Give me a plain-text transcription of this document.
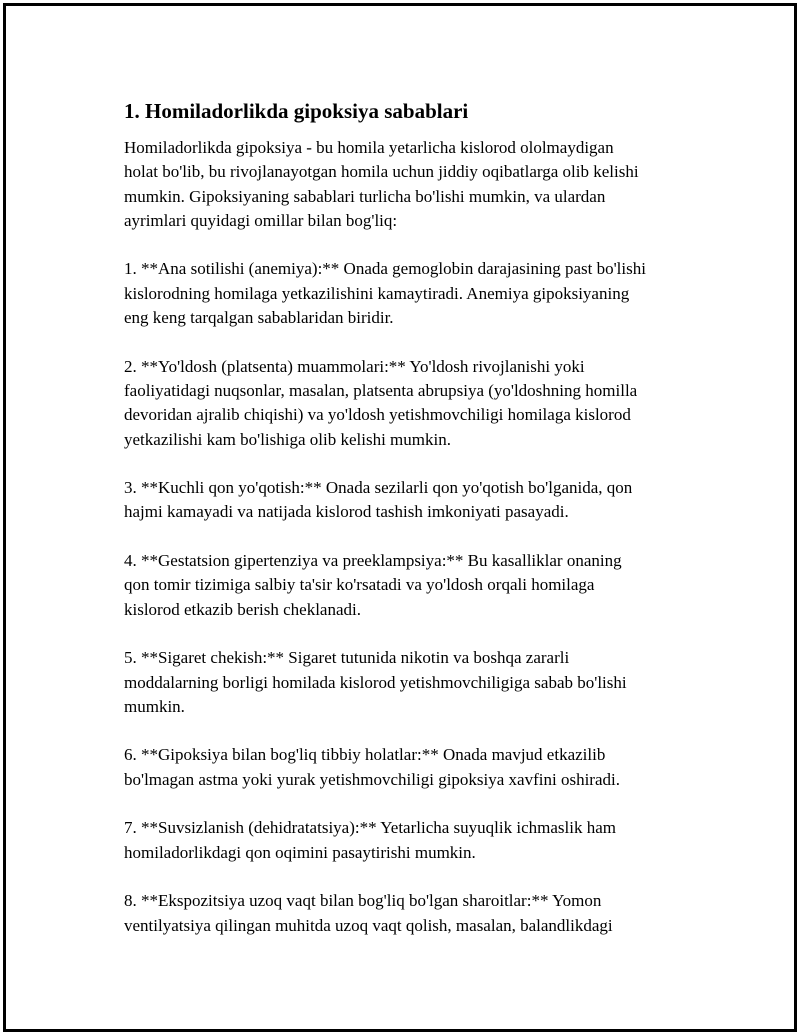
1. Homiladorlikda gipoksiya sabablari

Homiladorlikda gipoksiya - bu homila yetarlicha kislorod ololmaydigan
holat bo'lib, bu rivojlanayotgan homila uchun jiddiy oqibatlarga olib kelishi
mumkin. Gipoksiyaning sabablari turlicha bo'lishi mumkin, va ulardan
ayrimlari quyidagi omillar bilan bog'liq:

1. **Ana sotilishi (anemiya):** Onada gemoglobin darajasining past bo'lishi
kislorodning homilaga yetkazilishini kamaytiradi. Anemiya gipoksiyaning
eng keng tarqalgan sabablaridan biridir.

2. **Yo'ldosh (platsenta) muammolari:** Yo'ldosh rivojlanishi yoki
faoliyatidagi nuqsonlar, masalan, platsenta abrupsiya (yo'ldoshning homilla
devoridan ajralib chiqishi) va yo'ldosh yetishmovchiligi homilaga kislorod
yetkazilishi kam bo'lishiga olib kelishi mumkin.

3. **Kuchli qon yo'qotish:** Onada sezilarli qon yo'qotish bo'lganida, qon
hajmi kamayadi va natijada kislorod tashish imkoniyati pasayadi.

4. **Gestatsion gipertenziya va preeklampsiya:** Bu kasalliklar onaning
qon tomir tizimiga salbiy ta'sir ko'rsatadi va yo'ldosh orqali homilaga
kislorod etkazib berish cheklanadi.

5. **Sigaret chekish:** Sigaret tutunida nikotin va boshqa zararli
moddalarning borligi homilada kislorod yetishmovchiligiga sabab bo'lishi
mumkin.

6. **Gipoksiya bilan bog'liq tibbiy holatlar:** Onada mavjud etkazilib
bo'lmagan astma yoki yurak yetishmovchiligi gipoksiya xavfini oshiradi.

7. **Suvsizlanish (dehidratatsiya):** Yetarlicha suyuqlik ichmaslik ham
homiladorlikdagi qon oqimini pasaytirishi mumkin.

8. **Ekspozitsiya uzoq vaqt bilan bog'liq bo'lgan sharoitlar:** Yomon
ventilyatsiya qilingan muhitda uzoq vaqt qolish, masalan, balandlikdagi
